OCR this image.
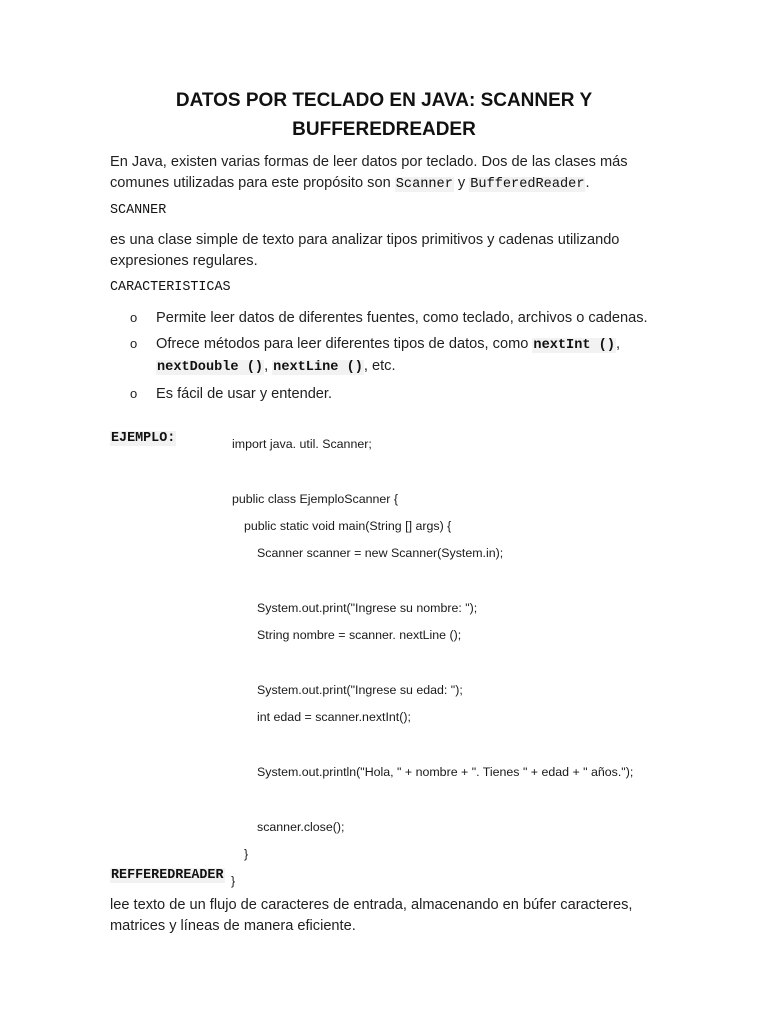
DATOS POR TECLADO EN JAVA: SCANNER Y
BUFFEREDREADER
En Java, existen varias formas de leer datos por teclado. Dos de las clases más comunes utilizadas para este propósito son Scanner y BufferedReader.
SCANNER
es una clase simple de texto para analizar tipos primitivos y cadenas utilizando expresiones regulares.
CARACTERISTICAS
o Permite leer datos de diferentes fuentes, como teclado, archivos o cadenas.
o Ofrece métodos para leer diferentes tipos de datos, como nextInt (), nextDouble (), nextLine (), etc.
o Es fácil de usar y entender.
EJEMPLO:	import java. util. Scanner;
public class EjemploScanner {
public static void main(String [] args) {
Scanner scanner = new Scanner(System.in);
System.out.print("Ingrese su nombre: ");
String nombre = scanner. nextLine ();
System.out.print("Ingrese su edad: ");
int edad = scanner.nextInt();
System.out.println("Hola, " + nombre + ". Tienes " + edad + " años.");
scanner.close();
}
}
REFFEREDREADER
lee texto de un flujo de caracteres de entrada, almacenando en búfer caracteres, matrices y líneas de manera eficiente.
